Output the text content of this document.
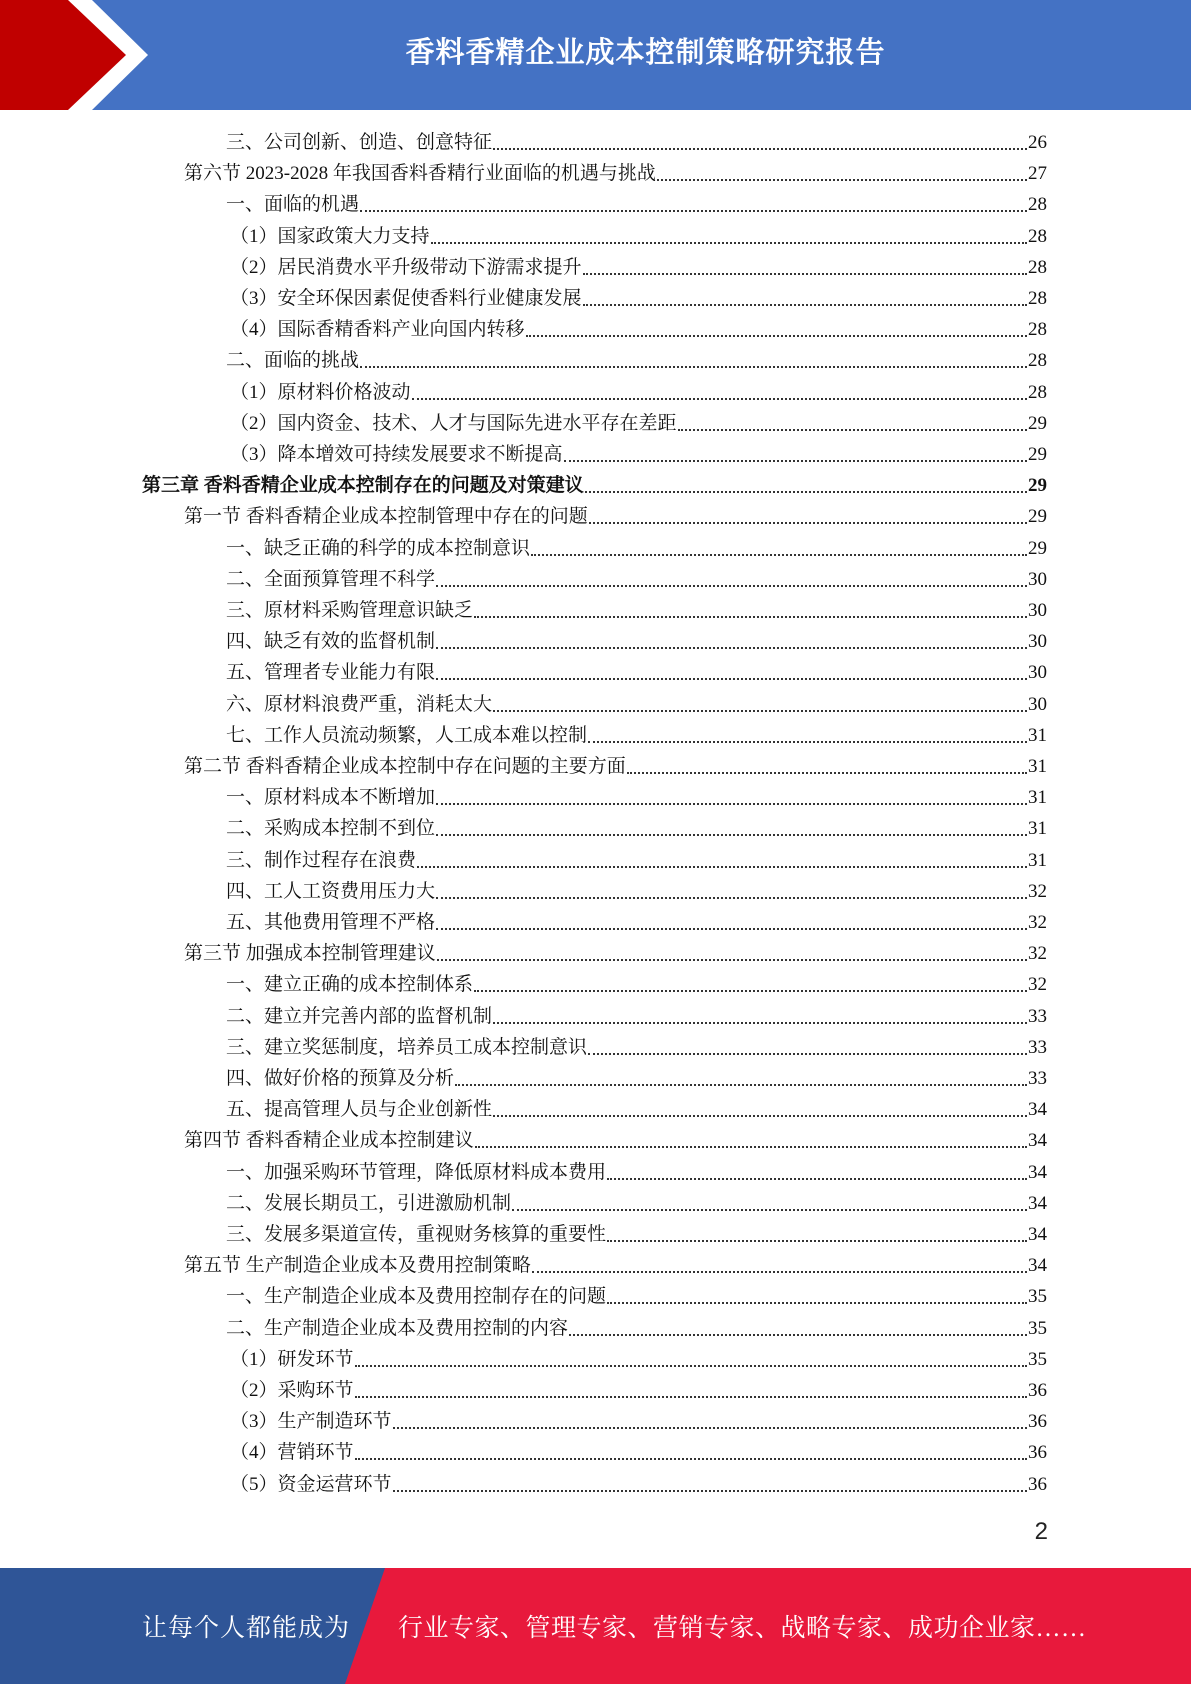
香料香精企业成本控制策略研究报告
三、公司创新、创造、创意特征	26
第六节 2023-2028 年我国香料香精行业面临的机遇与挑战	27
一、面临的机遇	28
（1）国家政策大力支持	28
（2）居民消费水平升级带动下游需求提升	28
（3）安全环保因素促使香料行业健康发展	28
（4）国际香精香料产业向国内转移	28
二、面临的挑战	28
（1）原材料价格波动	28
（2）国内资金、技术、人才与国际先进水平存在差距	29
（3）降本增效可持续发展要求不断提高	29
第三章 香料香精企业成本控制存在的问题及对策建议	29
第一节 香料香精企业成本控制管理中存在的问题	29
一、缺乏正确的科学的成本控制意识	29
二、全面预算管理不科学	30
三、原材料采购管理意识缺乏	30
四、缺乏有效的监督机制	30
五、管理者专业能力有限	30
六、原材料浪费严重，消耗太大	30
七、工作人员流动频繁，人工成本难以控制	31
第二节 香料香精企业成本控制中存在问题的主要方面	31
一、原材料成本不断增加	31
二、采购成本控制不到位	31
三、制作过程存在浪费	31
四、工人工资费用压力大	32
五、其他费用管理不严格	32
第三节 加强成本控制管理建议	32
一、建立正确的成本控制体系	32
二、建立并完善内部的监督机制	33
三、建立奖惩制度，培养员工成本控制意识	33
四、做好价格的预算及分析	33
五、提高管理人员与企业创新性	34
第四节 香料香精企业成本控制建议	34
一、加强采购环节管理，降低原材料成本费用	34
二、发展长期员工，引进激励机制	34
三、发展多渠道宣传，重视财务核算的重要性	34
第五节 生产制造企业成本及费用控制策略	34
一、生产制造企业成本及费用控制存在的问题	35
二、生产制造企业成本及费用控制的内容	35
（1）研发环节	35
（2）采购环节	36
（3）生产制造环节	36
（4）营销环节	36
（5）资金运营环节	36
2
让每个人都能成为 行业专家、管理专家、营销专家、战略专家、成功企业家……
